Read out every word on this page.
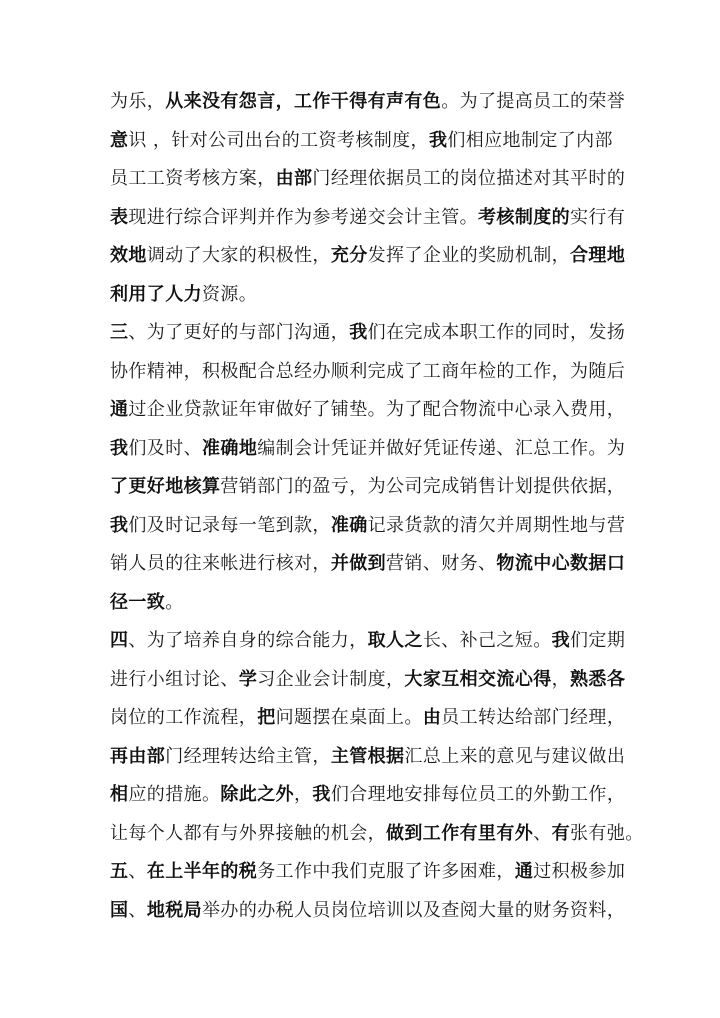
为乐，从来没有怨言，工作干得有声有色。为了提高员工的荣誉
意识 ，针对公司出台的工资考核制度，我们相应地制定了内部
员工工资考核方案，由部门经理依据员工的岗位描述对其平时的
表现进行综合评判并作为参考递交会计主管。考核制度的实行有
效地调动了大家的积极性，充分发挥了企业的奖励机制，合理地
利用了人力资源。
三、为了更好的与部门沟通，我们在完成本职工作的同时，发扬
协作精神，积极配合总经办顺利完成了工商年检的工作，为随后
通过企业贷款证年审做好了铺垫。为了配合物流中心录入费用，
我们及时、准确地编制会计凭证并做好凭证传递、汇总工作。为
了更好地核算营销部门的盈亏，为公司完成销售计划提供依据，
我们及时记录每一笔到款，准确记录货款的清欠并周期性地与营
销人员的往来帐进行核对，并做到营销、财务、物流中心数据口
径一致。
四、为了培养自身的综合能力，取人之长、补己之短。我们定期
进行小组讨论、学习企业会计制度，大家互相交流心得，熟悉各
岗位的工作流程，把问题摆在桌面上。由员工转达给部门经理，
再由部门经理转达给主管，主管根据汇总上来的意见与建议做出
相应的措施。除此之外，我们合理地安排每位员工的外勤工作，
让每个人都有与外界接触的机会，做到工作有里有外、有张有弛。
五、在上半年的税务工作中我们克服了许多困难，通过积极参加
国、地税局举办的办税人员岗位培训以及查阅大量的财务资料，
